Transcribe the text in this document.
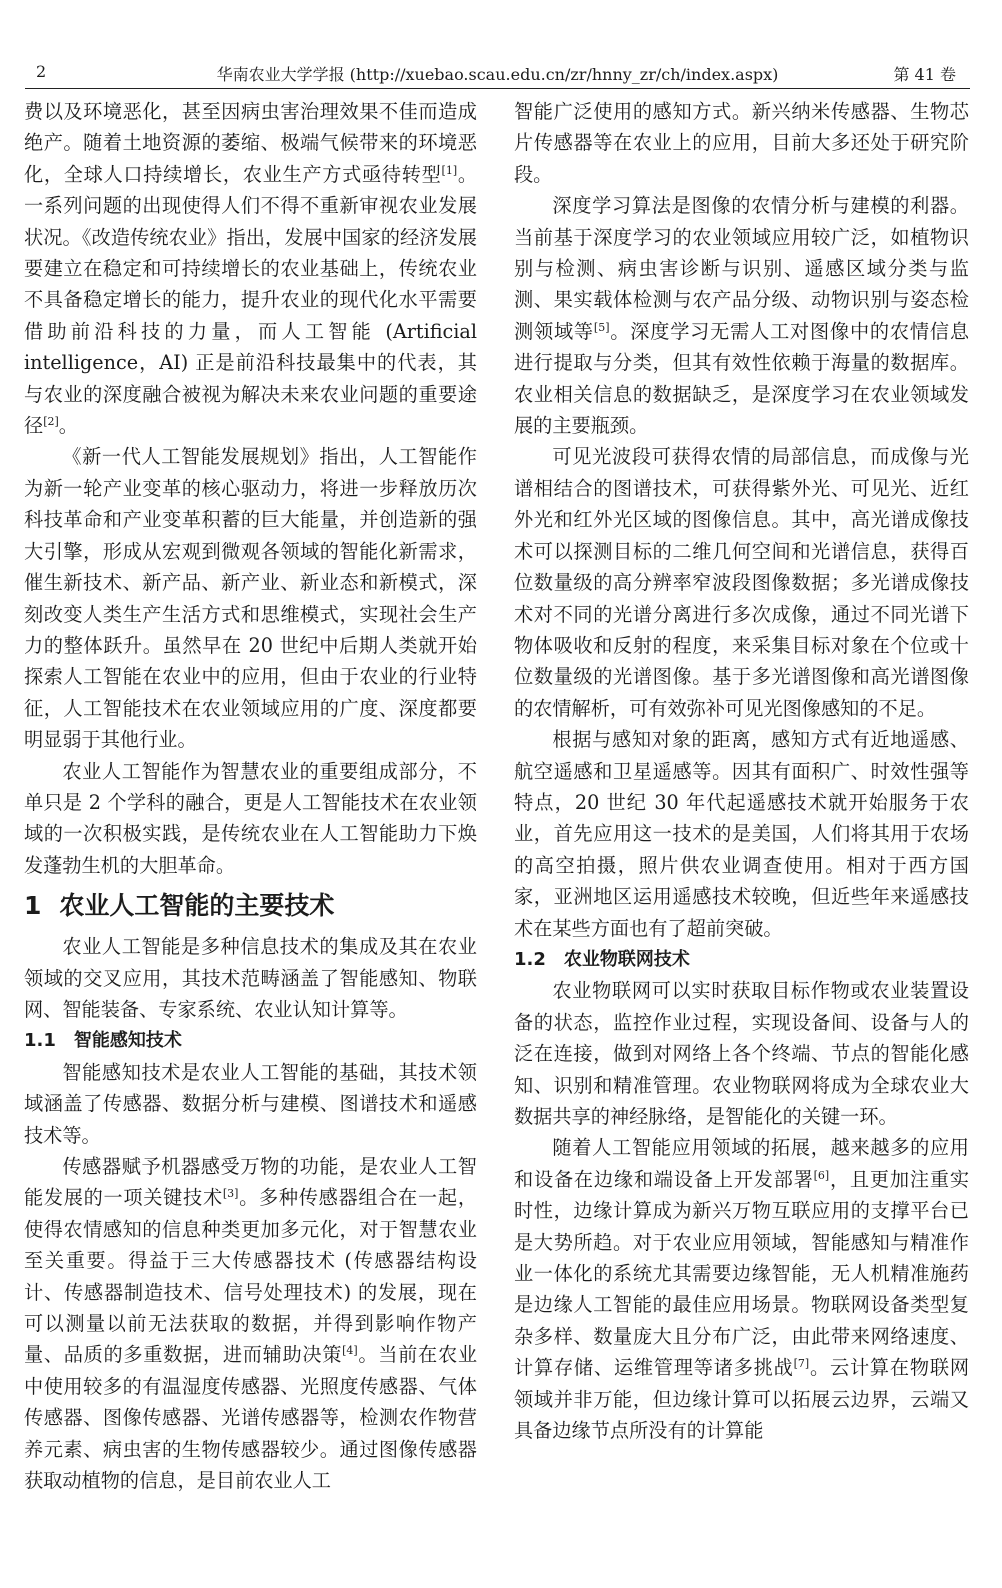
2	华南农业大学学报 (http://xuebao.scau.edu.cn/zr/hnny_zr/ch/index.aspx)	第 41 卷

费以及环境恶化，甚至因病虫害治理效果不佳而造成绝产。随着土地资源的萎缩、极端气候带来的环境恶化，全球人口持续增长，农业生产方式亟待转型[1]。一系列问题的出现使得人们不得不重新审视农业发展状况。《改造传统农业》指出，发展中国家的经济发展要建立在稳定和可持续增长的农业基础上，传统农业不具备稳定增长的能力，提升农业的现代化水平需要借助前沿科技的力量，而人工智能 (Artificial intelligence，AI) 正是前沿科技最集中的代表，其与农业的深度融合被视为解决未来农业问题的重要途径[2]。

《新一代人工智能发展规划》指出，人工智能作为新一轮产业变革的核心驱动力，将进一步释放历次科技革命和产业变革积蓄的巨大能量，并创造新的强大引擎，形成从宏观到微观各领域的智能化新需求，催生新技术、新产品、新产业、新业态和新模式，深刻改变人类生产生活方式和思维模式，实现社会生产力的整体跃升。虽然早在 20 世纪中后期人类就开始探索人工智能在农业中的应用，但由于农业的行业特征，人工智能技术在农业领域应用的广度、深度都要明显弱于其他行业。

农业人工智能作为智慧农业的重要组成部分，不单只是 2 个学科的融合，更是人工智能技术在农业领域的一次积极实践，是传统农业在人工智能助力下焕发蓬勃生机的大胆革命。

1 农业人工智能的主要技术

农业人工智能是多种信息技术的集成及其在农业领域的交叉应用，其技术范畴涵盖了智能感知、物联网、智能装备、专家系统、农业认知计算等。

1.1 智能感知技术

智能感知技术是农业人工智能的基础，其技术领域涵盖了传感器、数据分析与建模、图谱技术和遥感技术等。

传感器赋予机器感受万物的功能，是农业人工智能发展的一项关键技术[3]。多种传感器组合在一起，使得农情感知的信息种类更加多元化，对于智慧农业至关重要。得益于三大传感器技术 (传感器结构设计、传感器制造技术、信号处理技术) 的发展，现在可以测量以前无法获取的数据，并得到影响作物产量、品质的多重数据，进而辅助决策[4]。当前在农业中使用较多的有温湿度传感器、光照度传感器、气体传感器、图像传感器、光谱传感器等，检测农作物营养元素、病虫害的生物传感器较少。通过图像传感器获取动植物的信息，是目前农业人工

智能广泛使用的感知方式。新兴纳米传感器、生物芯片传感器等在农业上的应用，目前大多还处于研究阶段。

深度学习算法是图像的农情分析与建模的利器。当前基于深度学习的农业领域应用较广泛，如植物识别与检测、病虫害诊断与识别、遥感区域分类与监测、果实载体检测与农产品分级、动物识别与姿态检测领域等[5]。深度学习无需人工对图像中的农情信息进行提取与分类，但其有效性依赖于海量的数据库。农业相关信息的数据缺乏，是深度学习在农业领域发展的主要瓶颈。

可见光波段可获得农情的局部信息，而成像与光谱相结合的图谱技术，可获得紫外光、可见光、近红外光和红外光区域的图像信息。其中，高光谱成像技术可以探测目标的二维几何空间和光谱信息，获得百位数量级的高分辨率窄波段图像数据；多光谱成像技术对不同的光谱分离进行多次成像，通过不同光谱下物体吸收和反射的程度，来采集目标对象在个位或十位数量级的光谱图像。基于多光谱图像和高光谱图像的农情解析，可有效弥补可见光图像感知的不足。

根据与感知对象的距离，感知方式有近地遥感、航空遥感和卫星遥感等。因其有面积广、时效性强等特点，20 世纪 30 年代起遥感技术就开始服务于农业，首先应用这一技术的是美国，人们将其用于农场的高空拍摄，照片供农业调查使用。相对于西方国家，亚洲地区运用遥感技术较晚，但近些年来遥感技术在某些方面也有了超前突破。

1.2 农业物联网技术

农业物联网可以实时获取目标作物或农业装置设备的状态，监控作业过程，实现设备间、设备与人的泛在连接，做到对网络上各个终端、节点的智能化感知、识别和精准管理。农业物联网将成为全球农业大数据共享的神经脉络，是智能化的关键一环。

随着人工智能应用领域的拓展，越来越多的应用和设备在边缘和端设备上开发部署[6]，且更加注重实时性，边缘计算成为新兴万物互联应用的支撑平台已是大势所趋。对于农业应用领域，智能感知与精准作业一体化的系统尤其需要边缘智能，无人机精准施药是边缘人工智能的最佳应用场景。物联网设备类型复杂多样、数量庞大且分布广泛，由此带来网络速度、计算存储、运维管理等诸多挑战[7]。云计算在物联网领域并非万能，但边缘计算可以拓展云边界，云端又具备边缘节点所没有的计算能
